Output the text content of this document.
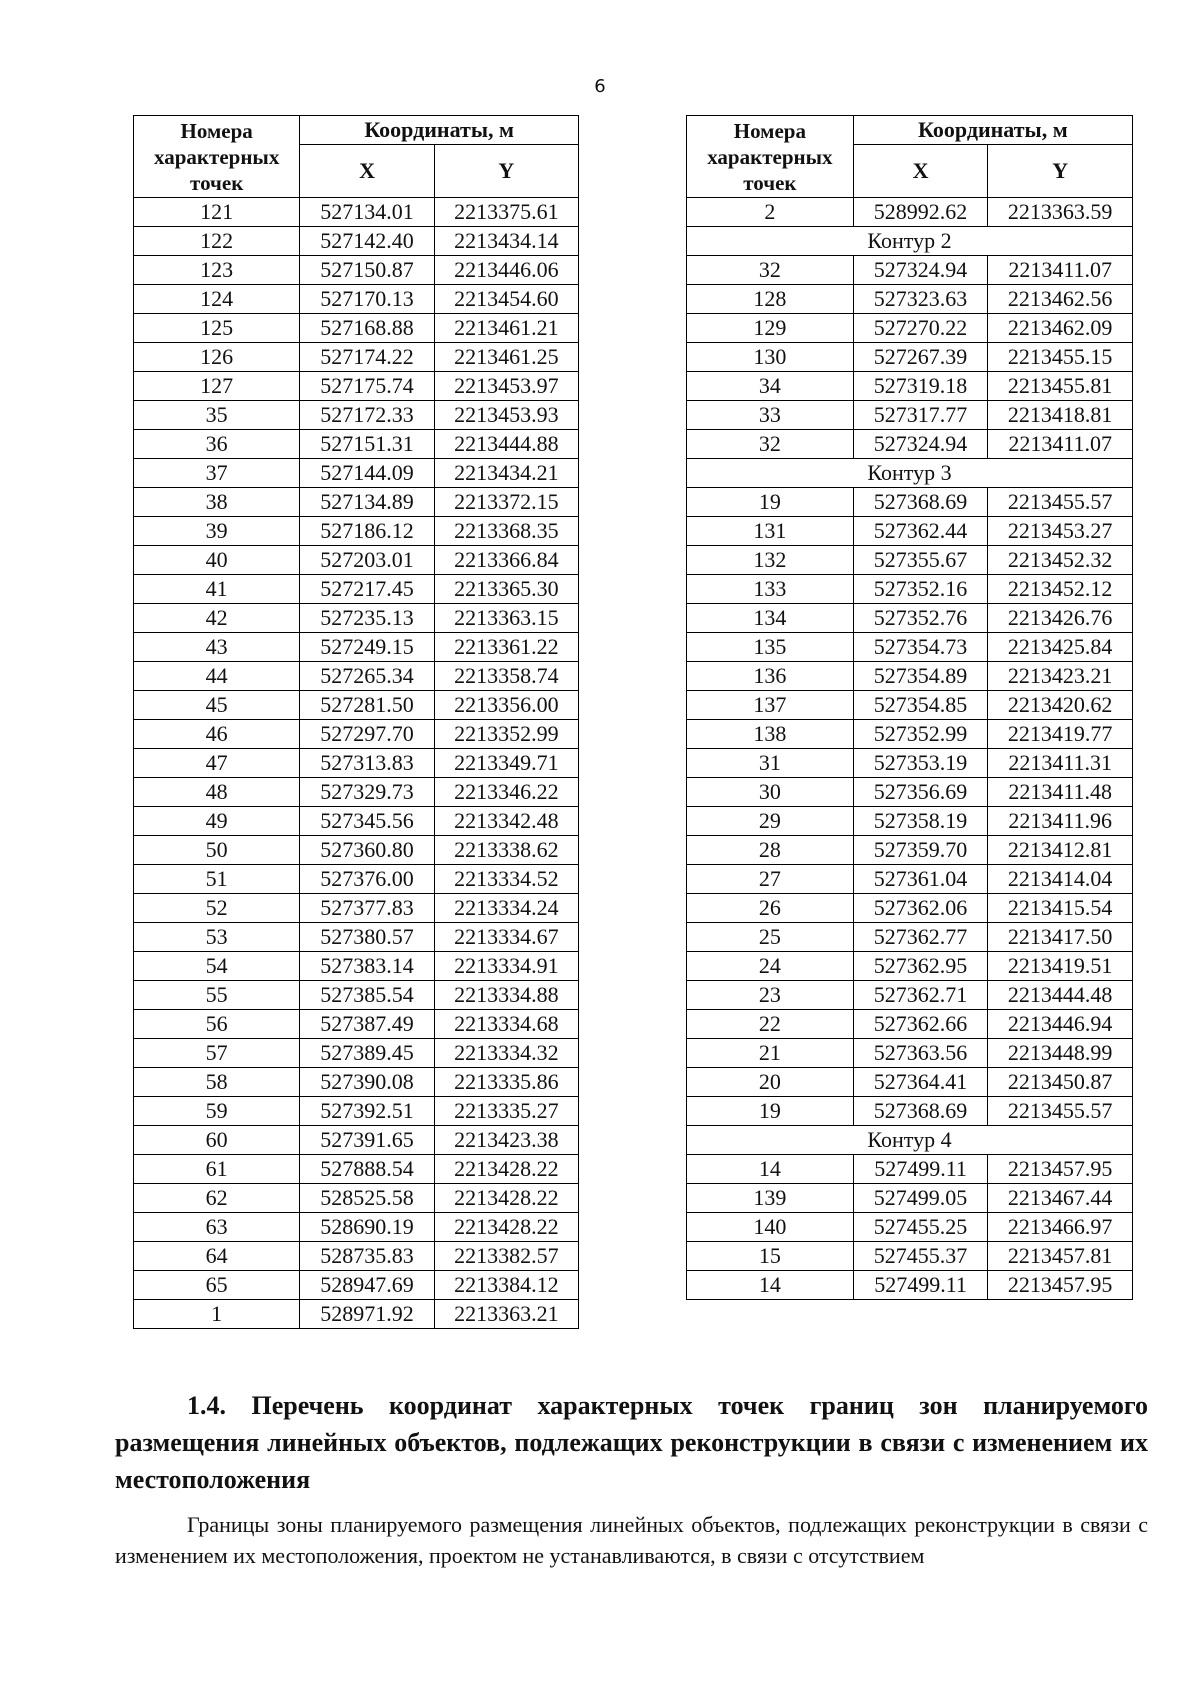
6
Номера характерных точек	Координаты, м	
	X	Y
121	527134.01	2213375.61
122	527142.40	2213434.14
123	527150.87	2213446.06
124	527170.13	2213454.60
125	527168.88	2213461.21
126	527174.22	2213461.25
127	527175.74	2213453.97
35	527172.33	2213453.93
36	527151.31	2213444.88
37	527144.09	2213434.21
38	527134.89	2213372.15
39	527186.12	2213368.35
40	527203.01	2213366.84
41	527217.45	2213365.30
42	527235.13	2213363.15
43	527249.15	2213361.22
44	527265.34	2213358.74
45	527281.50	2213356.00
46	527297.70	2213352.99
47	527313.83	2213349.71
48	527329.73	2213346.22
49	527345.56	2213342.48
50	527360.80	2213338.62
51	527376.00	2213334.52
52	527377.83	2213334.24
53	527380.57	2213334.67
54	527383.14	2213334.91
55	527385.54	2213334.88
56	527387.49	2213334.68
57	527389.45	2213334.32
58	527390.08	2213335.86
59	527392.51	2213335.27
60	527391.65	2213423.38
61	527888.54	2213428.22
62	528525.58	2213428.22
63	528690.19	2213428.22
64	528735.83	2213382.57
65	528947.69	2213384.12
1	528971.92	2213363.21
Номера характерных точек	Координаты, м	
	X	Y
2	528992.62	2213363.59
Контур 2		
32	527324.94	2213411.07
128	527323.63	2213462.56
129	527270.22	2213462.09
130	527267.39	2213455.15
34	527319.18	2213455.81
33	527317.77	2213418.81
32	527324.94	2213411.07
Контур 3		
19	527368.69	2213455.57
131	527362.44	2213453.27
132	527355.67	2213452.32
133	527352.16	2213452.12
134	527352.76	2213426.76
135	527354.73	2213425.84
136	527354.89	2213423.21
137	527354.85	2213420.62
138	527352.99	2213419.77
31	527353.19	2213411.31
30	527356.69	2213411.48
29	527358.19	2213411.96
28	527359.70	2213412.81
27	527361.04	2213414.04
26	527362.06	2213415.54
25	527362.77	2213417.50
24	527362.95	2213419.51
23	527362.71	2213444.48
22	527362.66	2213446.94
21	527363.56	2213448.99
20	527364.41	2213450.87
19	527368.69	2213455.57
Контур 4		
14	527499.11	2213457.95
139	527499.05	2213467.44
140	527455.25	2213466.97
15	527455.37	2213457.81
14	527499.11	2213457.95

1.4. Перечень координат характерных точек границ зон планируемого размещения линейных объектов, подлежащих реконструкции в связи с изменением их местоположения

Границы зоны планируемого размещения линейных объектов, подлежащих реконструкции в связи с изменением их местоположения, проектом не устанавливаются, в связи с отсутствием
